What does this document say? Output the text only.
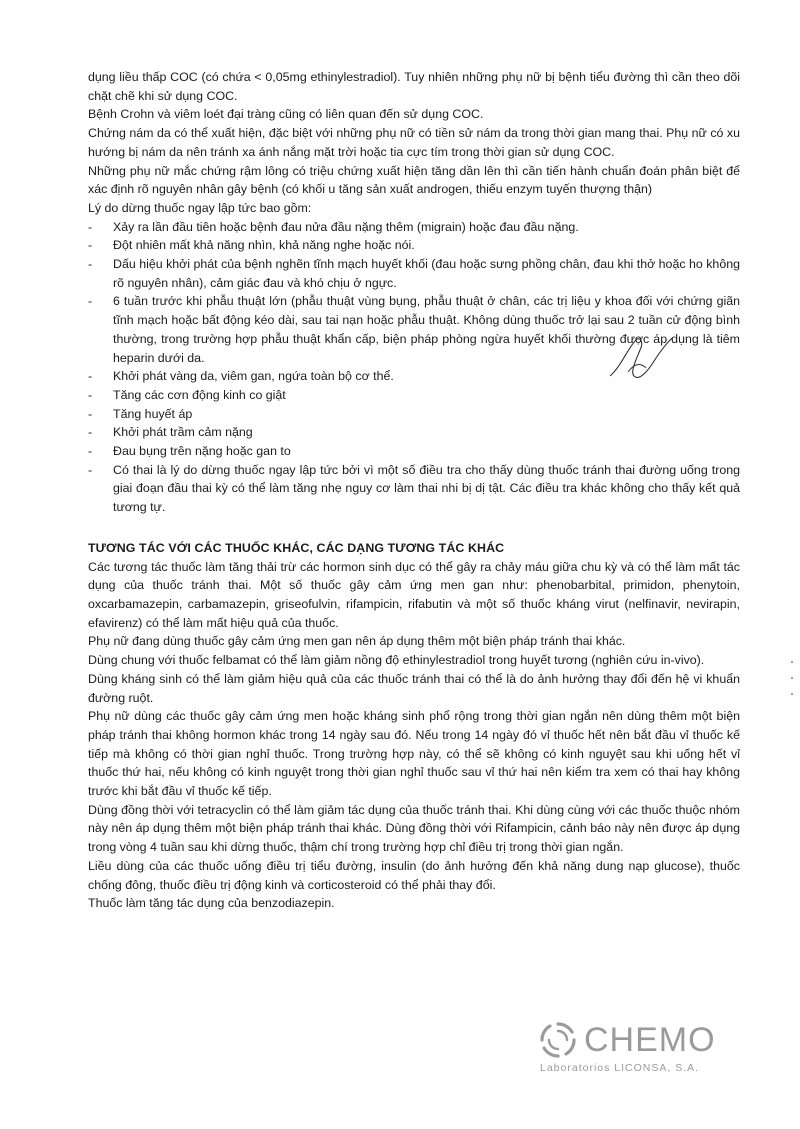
dụng liều thấp COC (có chứa < 0,05mg ethinylestradiol). Tuy nhiên những phụ nữ bị bệnh tiểu đường thì cần theo dõi chặt chẽ khi sử dụng COC.

Bệnh Crohn và viêm loét đại tràng cũng có liên quan đến sử dụng COC.

Chứng nám da có thể xuất hiện, đặc biệt với những phụ nữ có tiền sử nám da trong thời gian mang thai. Phụ nữ có xu hướng bị nám da nên tránh xa ánh nắng mặt trời hoặc tia cực tím trong thời gian sử dụng COC.

Những phụ nữ mắc chứng rậm lông có triệu chứng xuất hiện tăng dần lên thì cần tiến hành chuẩn đoán phân biệt để xác định rõ nguyên nhân gây bệnh (có khối u tăng sản xuất androgen, thiếu enzym tuyến thượng thận)

Lý do dừng thuốc ngay lập tức bao gồm:

- Xảy ra lần đầu tiên hoặc bệnh đau nửa đầu nặng thêm (migrain) hoặc đau đầu nặng.
- Đột nhiên mất khả năng nhìn, khả năng nghe hoặc nói.
- Dấu hiệu khởi phát của bệnh nghẽn tĩnh mạch huyết khối (đau hoặc sưng phồng chân, đau khi thở hoặc ho không rõ nguyên nhân), cảm giác đau và khó chịu ở ngực.
- 6 tuần trước khi phẫu thuật lớn (phẫu thuật vùng bụng, phẫu thuật ở chân, các trị liệu y khoa đối với chứng giãn tĩnh mạch hoặc bất động kéo dài, sau tai nạn hoặc phẫu thuật. Không dùng thuốc trở lại sau 2 tuần cử động bình thường, trong trường hợp phẫu thuật khẩn cấp, biện pháp phòng ngừa huyết khối thường được áp dụng là tiêm heparin dưới da.
- Khởi phát vàng da, viêm gan, ngứa toàn bộ cơ thể.
- Tăng các cơn động kinh co giật
- Tăng huyết áp
- Khởi phát trầm cảm nặng
- Đau bụng trên nặng hoặc gan to
- Có thai là lý do dừng thuốc ngay lập tức bởi vì một số điều tra cho thấy dùng thuốc tránh thai đường uống trong giai đoạn đầu thai kỳ có thể làm tăng nhẹ nguy cơ làm thai nhi bị dị tật. Các điều tra khác không cho thấy kết quả tương tự.

TƯƠNG TÁC VỚI CÁC THUỐC KHÁC, CÁC DẠNG TƯƠNG TÁC KHÁC

Các tương tác thuốc làm tăng thải trừ các hormon sinh dục có thể gây ra chảy máu giữa chu kỳ và có thể làm mất tác dụng của thuốc tránh thai. Một số thuốc gây cảm ứng men gan như: phenobarbital, primidon, phenytoin, oxcarbamazepin, carbamazepin, griseofulvin, rifampicin, rifabutin và một số thuốc kháng virut (nelfinavir, nevirapin, efavirenz) có thể làm mất hiệu quả của thuốc.

Phụ nữ đang dùng thuốc gây cảm ứng men gan nên áp dụng thêm một biện pháp tránh thai khác.

Dùng chung với thuốc felbamat có thể làm giảm nồng độ ethinylestradiol trong huyết tương (nghiên cứu in-vivo).

Dùng kháng sinh có thể làm giảm hiệu quả của các thuốc tránh thai có thể là do ảnh hưởng thay đổi đến hệ vi khuẩn đường ruột.

Phụ nữ dùng các thuốc gây cảm ứng men hoặc kháng sinh phổ rộng trong thời gian ngắn nên dùng thêm một biện pháp tránh thai không hormon khác trong 14 ngày sau đó. Nếu trong 14 ngày đó vỉ thuốc hết nên bắt đầu vỉ thuốc kế tiếp mà không có thời gian nghỉ thuốc. Trong trường hợp này, có thể sẽ không có kinh nguyệt sau khi uống hết vỉ thuốc thứ hai, nếu không có kinh nguyệt trong thời gian nghỉ thuốc sau vỉ thứ hai nên kiểm tra xem có thai hay không trước khi bắt đầu vỉ thuốc kế tiếp.

Dùng đồng thời với tetracyclin có thể làm giảm tác dụng của thuốc tránh thai. Khi dùng cùng với các thuốc thuộc nhóm này nên áp dụng thêm một biện pháp tránh thai khác. Dùng đồng thời với Rifampicin, cảnh báo này nên được áp dụng trong vòng 4 tuần sau khi dừng thuốc, thậm chí trong trường hợp chỉ điều trị trong thời gian ngắn.

Liều dùng của các thuốc uống điều trị tiểu đường, insulin (do ảnh hưởng đến khả năng dung nạp glucose), thuốc chống đông, thuốc điều trị động kinh và corticosteroid có thể phải thay đổi.

Thuốc làm tăng tác dụng của benzodiazepin.

CHEMO
Laboratorios LICONSA, S.A.
